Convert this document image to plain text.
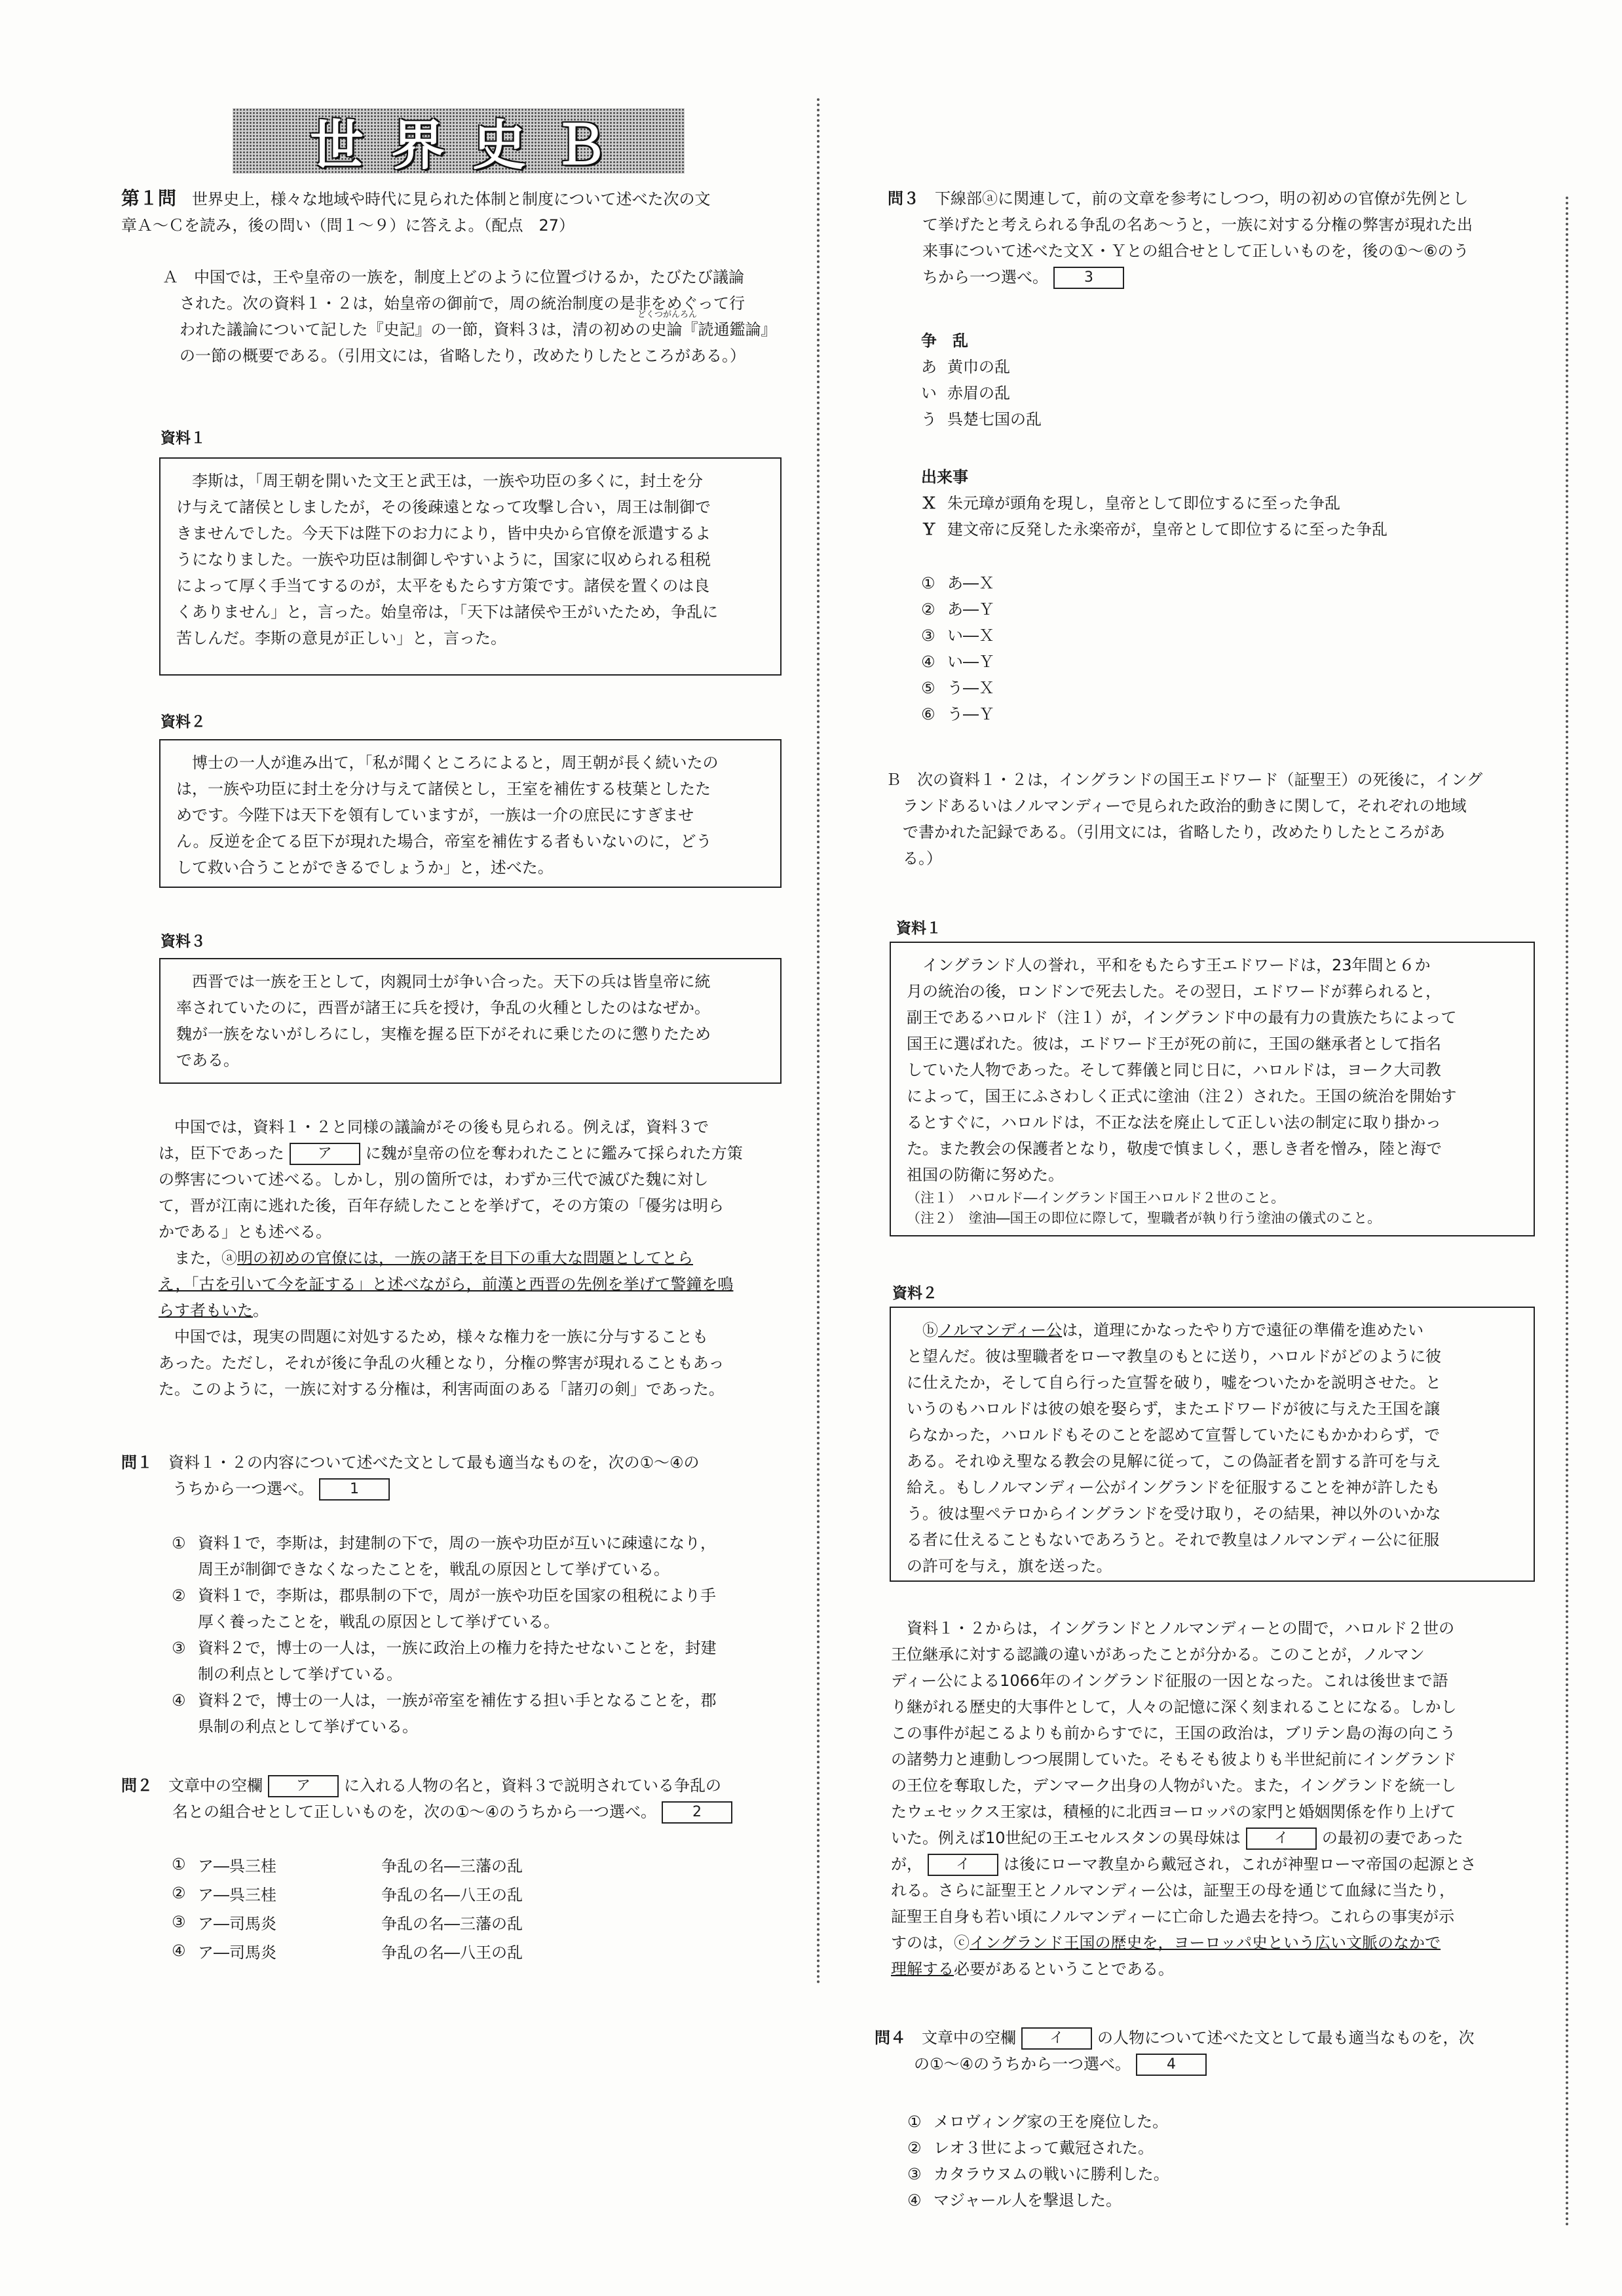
世界史Ｂ

第１問　 世界史上，様々な地域や時代に見られた体制と制度について述べた次の文

章Ａ～Ｃを読み，後の問い（問１～９）に答えよ。（配点　27）

Ａ　中国では，王や皇帝の一族を，制度上どのように位置づけるか，たびたび議論

された。次の資料１・２は，始皇帝の御前で，周の統治制度の是非をめぐって行

どくつがんろん

われた議論について記した『史記』の一節，資料３は，清の初めの史論『読通鑑論』

の一節の概要である。（引用文には，省略したり，改めたりしたところがある。）

資料１

李斯は，「周王朝を開いた文王と武王は，一族や功臣の多くに，封土を分

け与えて諸侯としましたが，その後疎遠となって攻撃し合い，周王は制御で

きませんでした。今天下は陛下のお力により，皆中央から官僚を派遣するよ

うになりました。一族や功臣は制御しやすいように，国家に収められる租税

によって厚く手当てするのが，太平をもたらす方策です。諸侯を置くのは良

くありません」と，言った。始皇帝は，「天下は諸侯や王がいたため，争乱に

苦しんだ。李斯の意見が正しい」と，言った。

資料２

博士の一人が進み出て，「私が聞くところによると，周王朝が長く続いたの

は，一族や功臣に封土を分け与えて諸侯とし，王室を補佐する枝葉としたた

めです。今陛下は天下を領有していますが，一族は一介の庶民にすぎませ

ん。反逆を企てる臣下が現れた場合，帝室を補佐する者もいないのに，どう

して救い合うことができるでしょうか」と，述べた。

資料３

西晋では一族を王として，肉親同士が争い合った。天下の兵は皆皇帝に統

率されていたのに，西晋が諸王に兵を授け，争乱の火種としたのはなぜか。

魏が一族をないがしろにし，実権を握る臣下がそれに乗じたのに懲りたため

である。

中国では，資料１・２と同様の議論がその後も見られる。例えば，資料３で

は，臣下であった ア に魏が皇帝の位を奪われたことに鑑みて採られた方策

の弊害について述べる。しかし，別の箇所では，わずか三代で滅びた魏に対し

て，晋が江南に逃れた後，百年存続したことを挙げて，その方策の「優劣は明ら

かである」とも述べる。

また，ⓐ明の初めの官僚には，一族の諸王を目下の重大な問題としてとら

え，「古を引いて今を証する」と述べながら，前漢と西晋の先例を挙げて警鐘を鳴

らす者もいた。

中国では，現実の問題に対処するため，様々な権力を一族に分与することも

あった。ただし，それが後に争乱の火種となり，分権の弊害が現れることもあっ

た。このように，一族に対する分権は，利害両面のある「諸刃の剣」であった。

問１　 資料１・２の内容について述べた文として最も適当なものを，次の①～④の

うちから一つ選べ。	1

① 資料１で，李斯は，封建制の下で，周の一族や功臣が互いに疎遠になり，

周王が制御できなくなったことを，戦乱の原因として挙げている。

② 資料１で，李斯は，郡県制の下で，周が一族や功臣を国家の租税により手

厚く養ったことを，戦乱の原因として挙げている。

③ 資料２で，博士の一人は，一族に政治上の権力を持たせないことを，封建

制の利点として挙げている。

④ 資料２で，博士の一人は，一族が帝室を補佐する担い手となることを，郡

県制の利点として挙げている。

問２　 文章中の空欄 ア に入れる人物の名と，資料３で説明されている争乱の

名との組合せとして正しいものを，次の①～④のうちから一つ選べ。	2

①	ア―呉三桂	争乱の名―三藩の乱
②	ア―呉三桂	争乱の名―八王の乱
③	ア―司馬炎	争乱の名―三藩の乱
④	ア―司馬炎	争乱の名―八王の乱

問３　 下線部ⓐに関連して，前の文章を参考にしつつ，明の初めの官僚が先例とし

て挙げたと考えられる争乱の名あ～うと，一族に対する分権の弊害が現れた出

来事について述べた文Ｘ・Ｙとの組合せとして正しいものを，後の①～⑥のう

ちから一つ選べ。	3

争　乱

あ 黄巾の乱

い 赤眉の乱

う 呉楚七国の乱

出来事

Ｘ 朱元璋が頭角を現し，皇帝として即位するに至った争乱

Ｙ 建文帝に反発した永楽帝が，皇帝として即位するに至った争乱

① あ―Ｘ

② あ―Ｙ

③ い―Ｘ

④ い―Ｙ

⑤ う―Ｘ

⑥ う―Ｙ

Ｂ　次の資料１・２は，イングランドの国王エドワード（証聖王）の死後に，イング

ランドあるいはノルマンディーで見られた政治的動きに関して，それぞれの地域

で書かれた記録である。（引用文には，省略したり，改めたりしたところがあ

る。）

資料１

イングランド人の誉れ，平和をもたらす王エドワードは，23年間と６か

月の統治の後，ロンドンで死去した。その翌日，エドワードが葬られると，

副王であるハロルド（注１）が，イングランド中の最有力の貴族たちによって

国王に選ばれた。彼は，エドワード王が死の前に，王国の継承者として指名

していた人物であった。そして葬儀と同じ日に，ハロルドは，ヨーク大司教

によって，国王にふさわしく正式に塗油（注２）された。王国の統治を開始す

るとすぐに，ハロルドは，不正な法を廃止して正しい法の制定に取り掛かっ

た。また教会の保護者となり，敬虔で慎ましく，悪しき者を憎み，陸と海で

祖国の防衛に努めた。

（注１）　ハロルド―イングランド国王ハロルド２世のこと。

（注２）　塗油―国王の即位に際して，聖職者が執り行う塗油の儀式のこと。

資料２

ⓑノルマンディー公は，道理にかなったやり方で遠征の準備を進めたい

と望んだ。彼は聖職者をローマ教皇のもとに送り，ハロルドがどのように彼

に仕えたか，そして自ら行った宣誓を破り，嘘をついたかを説明させた。と

いうのもハロルドは彼の娘を娶らず，またエドワードが彼に与えた王国を譲

らなかった，ハロルドもそのことを認めて宣誓していたにもかかわらず，で

ある。それゆえ聖なる教会の見解に従って，この偽証者を罰する許可を与え

給え。もしノルマンディー公がイングランドを征服することを神が許したも

う。彼は聖ペテロからイングランドを受け取り，その結果，神以外のいかな

る者に仕えることもないであろうと。それで教皇はノルマンディー公に征服

の許可を与え，旗を送った。

資料１・２からは，イングランドとノルマンディーとの間で，ハロルド２世の

王位継承に対する認識の違いがあったことが分かる。このことが，ノルマン

ディー公による1066年のイングランド征服の一因となった。これは後世まで語

り継がれる歴史的大事件として，人々の記憶に深く刻まれることになる。しかし

この事件が起こるよりも前からすでに，王国の政治は，ブリテン島の海の向こう

の諸勢力と連動しつつ展開していた。そもそも彼よりも半世紀前にイングランド

の王位を奪取した，デンマーク出身の人物がいた。また，イングランドを統一し

たウェセックス王家は，積極的に北西ヨーロッパの家門と婚姻関係を作り上げて

いた。例えば10世紀の王エセルスタンの異母妹は イ の最初の妻であった

が， イ は後にローマ教皇から戴冠され，これが神聖ローマ帝国の起源とさ

れる。さらに証聖王とノルマンディー公は，証聖王の母を通じて血縁に当たり，

証聖王自身も若い頃にノルマンディーに亡命した過去を持つ。これらの事実が示

すのは，ⓒイングランド王国の歴史を，ヨーロッパ史という広い文脈のなかで

理解する必要があるということである。

問４　 文章中の空欄 イ の人物について述べた文として最も適当なものを，次

の①～④のうちから一つ選べ。	4

① メロヴィング家の王を廃位した。

② レオ３世によって戴冠された。

③ カタラウヌムの戦いに勝利した。

④ マジャール人を撃退した。
